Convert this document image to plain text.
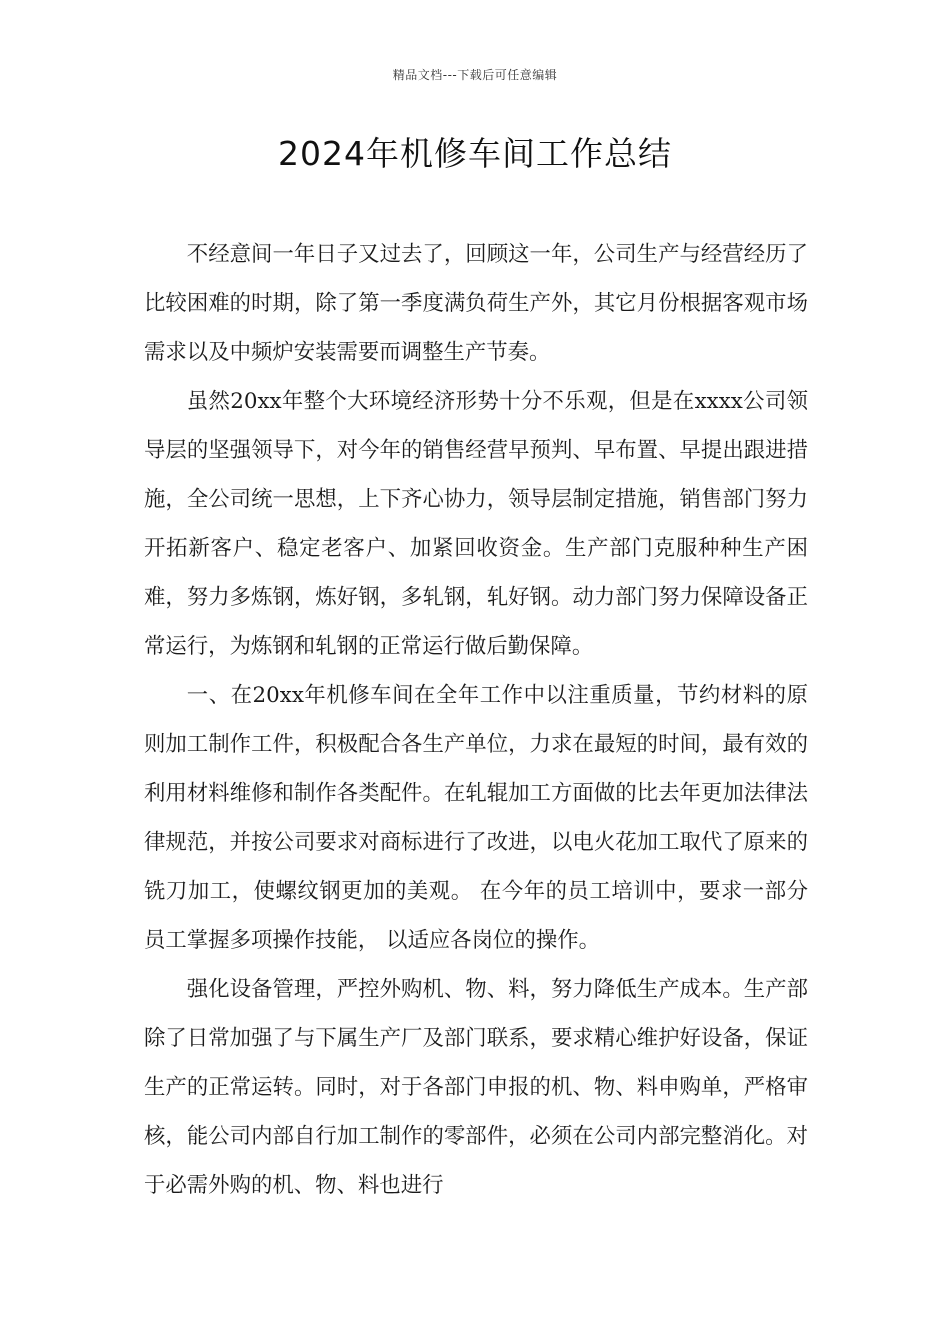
精品文档---下载后可任意编辑
2024年机修车间工作总结

不经意间一年日子又过去了，回顾这一年，公司生产与经营经历了比较困难的时期，除了第一季度满负荷生产外，其它月份根据客观市场需求以及中频炉安装需要而调整生产节奏。

虽然20xx年整个大环境经济形势十分不乐观，但是在xxxx公司领导层的坚强领导下，对今年的销售经营早预判、早布置、早提出跟进措施，全公司统一思想，上下齐心协力，领导层制定措施，销售部门努力开拓新客户、稳定老客户、加紧回收资金。生产部门克服种种生产困难，努力多炼钢，炼好钢，多轧钢，轧好钢。动力部门努力保障设备正常运行，为炼钢和轧钢的正常运行做后勤保障。

一、在20xx年机修车间在全年工作中以注重质量，节约材料的原则加工制作工件，积极配合各生产单位，力求在最短的时间，最有效的利用材料维修和制作各类配件。在轧辊加工方面做的比去年更加法律法律规范，并按公司要求对商标进行了改进，以电火花加工取代了原来的铣刀加工，使螺纹钢更加的美观。 在今年的员工培训中，要求一部分员工掌握多项操作技能， 以适应各岗位的操作。

强化设备管理，严控外购机、物、料，努力降低生产成本。生产部除了日常加强了与下属生产厂及部门联系，要求精心维护好设备，保证生产的正常运转。同时，对于各部门申报的机、物、料申购单，严格审核，能公司内部自行加工制作的零部件，必须在公司内部完整消化。对于必需外购的机、物、料也进行
